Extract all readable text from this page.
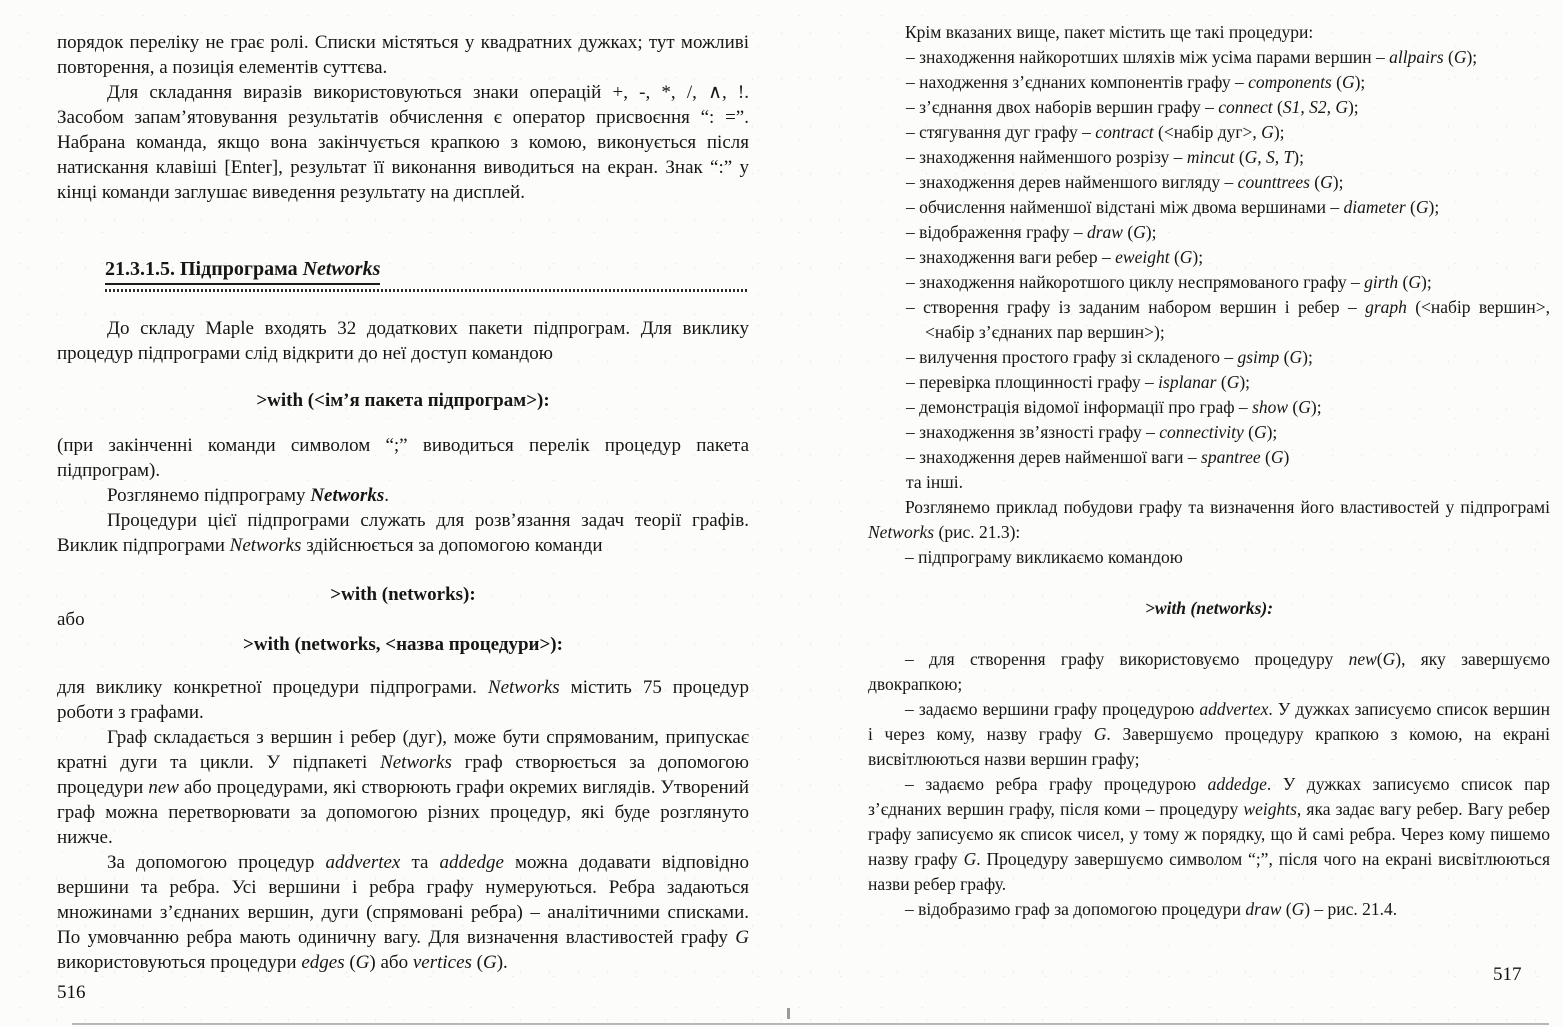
порядок переліку не грає ролі. Списки містяться у квадратних дужках; тут можливі повторення, а позиція елементів суттєва.

Для складання виразів використовуються знаки операцій +, -, *, /, ∧, !. Засобом запам’ятовування результатів обчислення є оператор присвоєння “: =”. Набрана команда, якщо вона закінчується крапкою з комою, виконується після натискання клавіші [Enter], результат її виконання виводиться на екран. Знак “:” у кінці команди заглушає виведення результату на дисплей.

21.3.1.5. Підпрограма Networks

До складу Maple входять 32 додаткових пакети підпрограм. Для виклику процедур підпрограми слід відкрити до неї доступ командою

>with (<ім’я пакета підпрограм>):

(при закінченні команди символом “;” виводиться перелік процедур пакета підпрограм).

Розглянемо підпрограму Networks.

Процедури цієї підпрограми служать для розв’язання задач теорії графів. Виклик підпрограми Networks здійснюється за допомогою команди

>with (networks):

або

>with (networks, <назва процедури>):

для виклику конкретної процедури підпрограми. Networks містить 75 процедур роботи з графами.

Граф складається з вершин і ребер (дуг), може бути спрямованим, припускає кратні дуги та цикли. У підпакеті Networks граф створюється за допомогою процедури new або процедурами, які створюють графи окремих виглядів. Утворений граф можна перетворювати за допомогою різних процедур, які буде розглянуто нижче.

За допомогою процедур addvertex та addedge можна додавати відповідно вершини та ребра. Усі вершини і ребра графу нумеруються. Ребра задаються множинами з’єднаних вершин, дуги (спрямовані ребра) – аналітичними списками. По умовчанню ребра мають одиничну вагу. Для визначення властивостей графу G використовуються процедури edges (G) або vertices (G).

Крім вказаних вище, пакет містить ще такі процедури:

– знаходження найкоротших шляхів між усіма парами вершин – allpairs (G);
– находження з’єднаних компонентів графу – components (G);
– з’єднання двох наборів вершин графу – connect (S1, S2, G);
– стягування дуг графу – contract (<набір дуг>, G);
– знаходження найменшого розрізу – mincut (G, S, T);
– знаходження дерев найменшого вигляду – counttrees (G);
– обчислення найменшої відстані між двома вершинами – diameter (G);
– відображення графу – draw (G);
– знаходження ваги ребер – eweight (G);
– знаходження найкоротшого циклу неспрямованого графу – girth (G);
– створення графу із заданим набором вершин і ребер – graph (<набір вершин>,<набір з’єднаних пар вершин>);
– вилучення простого графу зі складеного – gsimp (G);
– перевірка площинності графу – isplanar (G);
– демонстрація відомої інформації про граф – show (G);
– знаходження зв’язності графу – connectivity (G);
– знаходження дерев найменшої ваги – spantree (G)
та інші.

Розглянемо приклад побудови графу та визначення його властивостей у підпрограмі Networks (рис. 21.3):

– підпрограму викликаємо командою

>with (networks):

– для створення графу використовуємо процедуру new(G), яку завершуємо двокрапкою;

– задаємо вершини графу процедурою addvertex. У дужках записуємо список вершин і через кому, назву графу G. Завершуємо процедуру крапкою з комою, на екрані висвітлюються назви вершин графу;

– задаємо ребра графу процедурою addedge. У дужках записуємо список пар з’єднаних вершин графу, після коми – процедуру weights, яка задає вагу ребер. Вагу ребер графу записуємо як список чисел, у тому ж порядку, що й самі ребра. Через кому пишемо назву графу G. Процедуру завершуємо символом “;”, після чого на екрані висвітлюються назви ребер графу.

– відобразимо граф за допомогою процедури draw (G) – рис. 21.4.

516
517
